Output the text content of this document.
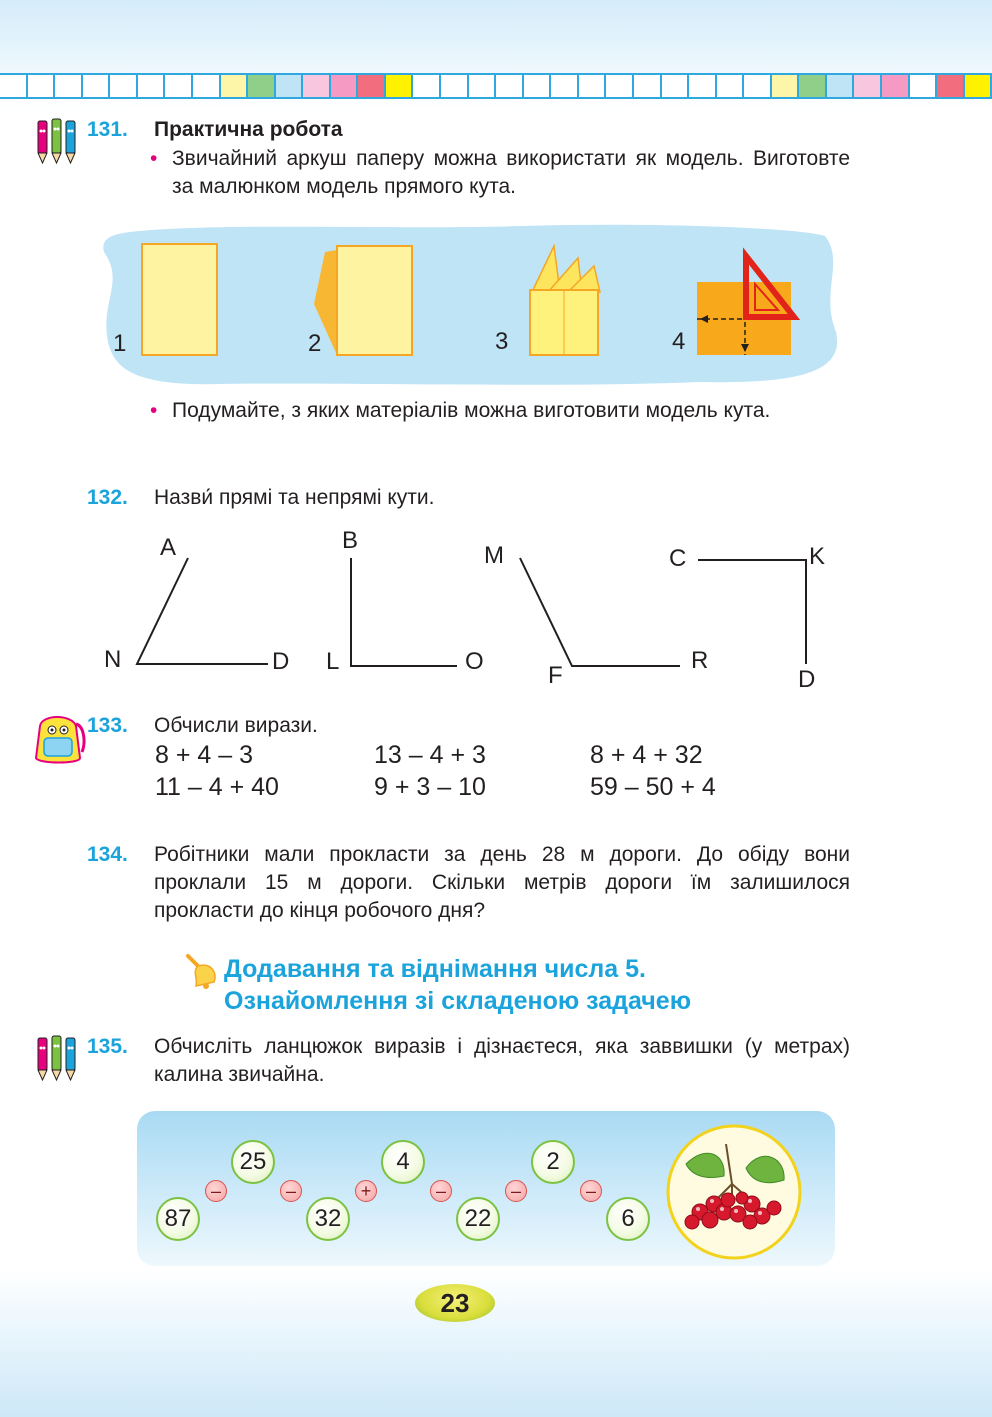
131. Практична робота
• Звичайний аркуш паперу можна використати як модель. Виготовте за малюнком модель прямого кута.
1	2	3	4
• Подумайте, з яких матеріалів можна виготовити модель кута.
132. Назви́ прямі та непрямі кути.
A
N	D
B
L	O
M
F
R
C	K
D
133. Обчисли вирази.
8 + 4 – 3	13 – 4 + 3	8 + 4 + 32
11 – 4 + 40	9 + 3 – 10	59 – 50 + 4
134. Робітники мали прокласти за день 28 м дороги. До обіду вони проклали 15 м дороги. Скільки метрів дороги їм залишилося прокласти до кінця робочого дня?
Додавання та віднімання числа 5.
Ознайомлення зі складеною задачею
135. Обчисліть ланцюжок виразів і дізнаєтеся, яка заввишки (у метрах) калина звичайна.
87
–
25
–
32
+
4
–
22
–
2
–
6
23
